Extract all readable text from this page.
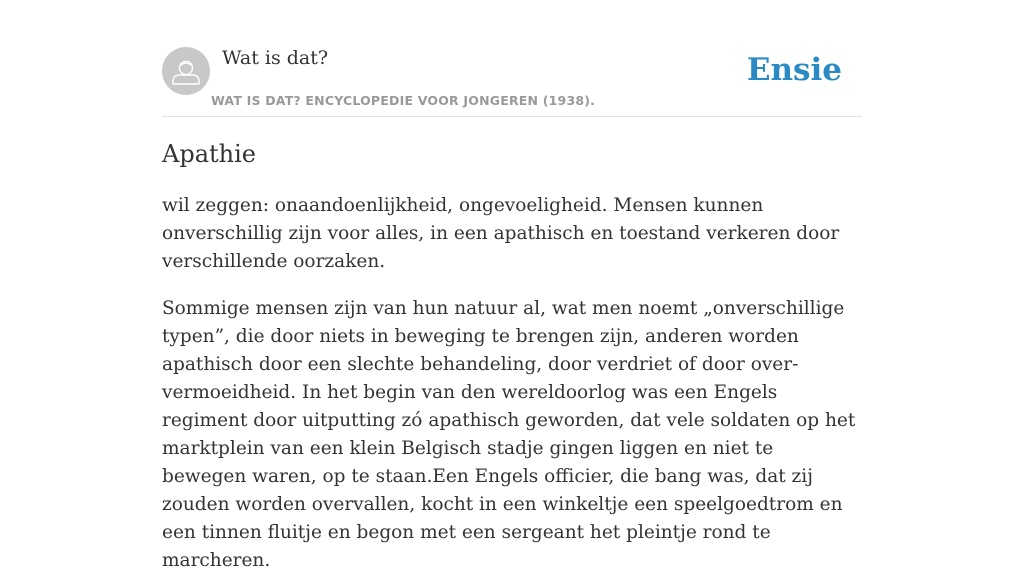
Wat is dat?
WAT IS DAT? ENCYCLOPEDIE VOOR JONGEREN (1938).
Ensie
Apathie

wil zeggen: onaandoenlijkheid, ongevoeligheid. Mensen kunnen onverschillig zijn voor alles, in een apathisch en toestand verkeren door verschillende oorzaken.

Sommige mensen zijn van hun natuur al, wat men noemt „onverschillige typen”, die door niets in beweging te brengen zijn, anderen worden apathisch door een slechte behandeling, door verdriet of door over-vermoeidheid. In het begin van den wereldoorlog was een Engels regiment door uitputting zó apathisch geworden, dat vele soldaten op het marktplein van een klein Belgisch stadje gingen liggen en niet te bewegen waren, op te staan.Een Engels officier, die bang was, dat zij zouden worden overvallen, kocht in een winkeltje een speelgoedtrom en een tinnen fluitje en begon met een sergeant het pleintje rond te marcheren.
